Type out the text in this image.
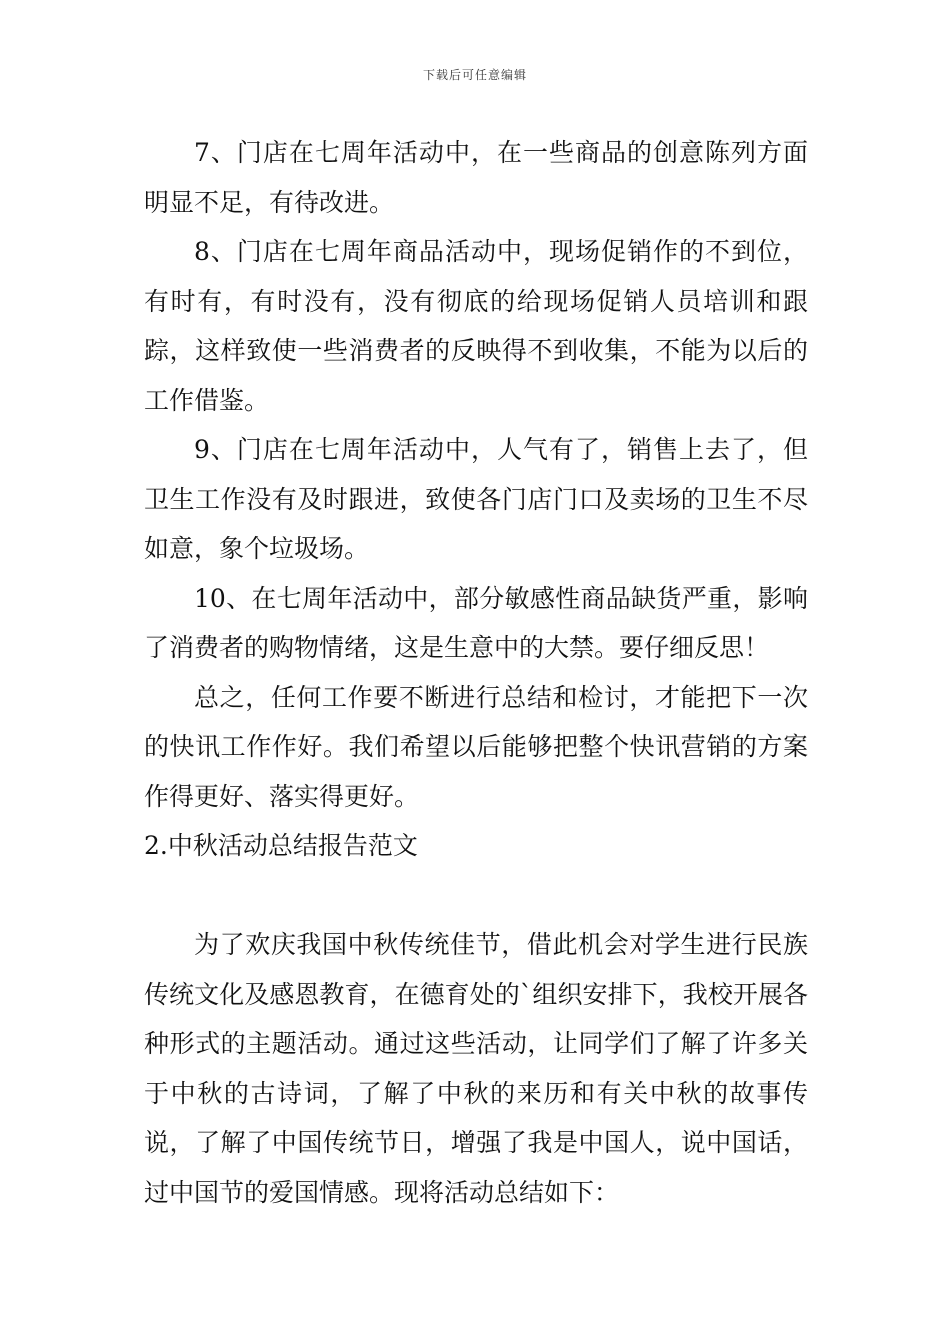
下载后可任意编辑

7、门店在七周年活动中，在一些商品的创意陈列方面明显不足，有待改进。

8、门店在七周年商品活动中，现场促销作的不到位，有时有，有时没有，没有彻底的给现场促销人员培训和跟踪，这样致使一些消费者的反映得不到收集，不能为以后的工作借鉴。

9、门店在七周年活动中，人气有了，销售上去了，但卫生工作没有及时跟进，致使各门店门口及卖场的卫生不尽如意，象个垃圾场。

10、在七周年活动中，部分敏感性商品缺货严重，影响了消费者的购物情绪，这是生意中的大禁。要仔细反思！

总之，任何工作要不断进行总结和检讨，才能把下一次的快讯工作作好。我们希望以后能够把整个快讯营销的方案作得更好、落实得更好。

2.中秋活动总结报告范文

为了欢庆我国中秋传统佳节，借此机会对学生进行民族传统文化及感恩教育，在德育处的`组织安排下，我校开展各种形式的主题活动。通过这些活动，让同学们了解了许多关于中秋的古诗词，了解了中秋的来历和有关中秋的故事传说，了解了中国传统节日，增强了我是中国人，说中国话，过中国节的爱国情感。现将活动总结如下：
